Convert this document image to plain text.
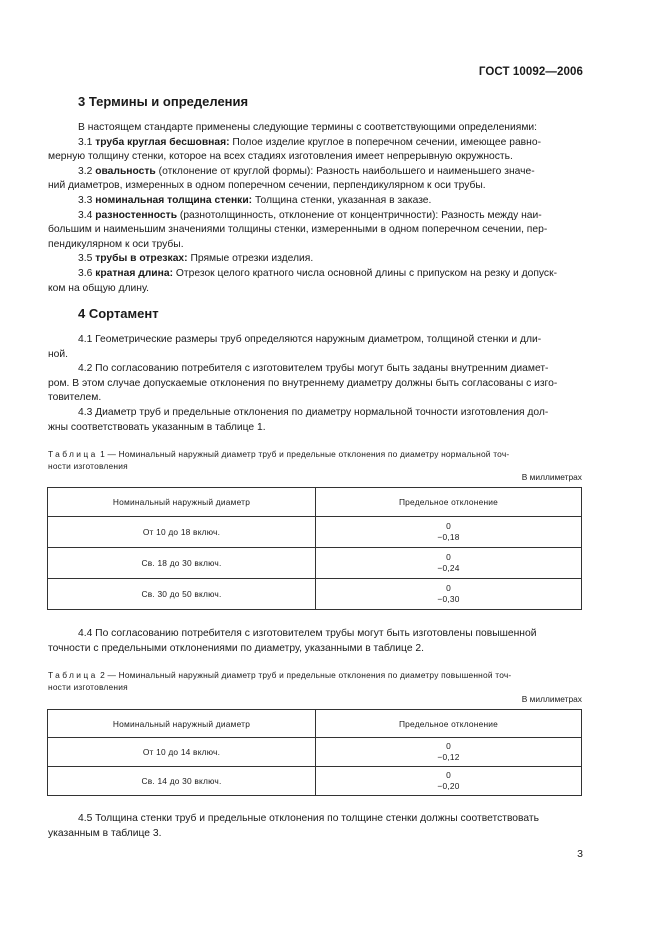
ГОСТ 10092—2006
3 Термины и определения
В настоящем стандарте применены следующие термины с соответствующими определениями:
3.1 труба круглая бесшовная: Полое изделие круглое в поперечном сечении, имеющее равно-
мерную толщину стенки, которое на всех стадиях изготовления имеет непрерывную окружность.
3.2 овальность (отклонение от круглой формы): Разность наибольшего и наименьшего значе-
ний диаметров, измеренных в одном поперечном сечении, перпендикулярном к оси трубы.
3.3 номинальная толщина стенки: Толщина стенки, указанная в заказе.
3.4 разностенность (разнотолщинность, отклонение от концентричности): Разность между наи-
большим и наименьшим значениями толщины стенки, измеренными в одном поперечном сечении, пер-
пендикулярном к оси трубы.
3.5 трубы в отрезках: Прямые отрезки изделия.
3.6 кратная длина: Отрезок целого кратного числа основной длины с припуском на резку и допуск-
ком на общую длину.
4 Сортамент
4.1 Геометрические размеры труб определяются наружным диаметром, толщиной стенки и дли-
ной.
4.2 По согласованию потребителя с изготовителем трубы могут быть заданы внутренним диамет-
ром. В этом случае допускаемые отклонения по внутреннему диаметру должны быть согласованы с изго-
товителем.
4.3 Диаметр труб и предельные отклонения по диаметру нормальной точности изготовления дол-
жны соответствовать указанным в таблице 1.
Таблица 1 — Номинальный наружный диаметр труб и предельные отклонения по диаметру нормальной точ-
ности изготовления
В миллиметрах
Номинальный наружный диаметр	Предельное отклонение
От 10 до 18 включ.	0
−0,18

Св. 18 до 30 включ.	0
−0,24

Св. 30 до 50 включ.	0
−0,30
4.4 По согласованию потребителя с изготовителем трубы могут быть изготовлены повышенной
точности с предельными отклонениями по диаметру, указанными в таблице 2.
Таблица 2 — Номинальный наружный диаметр труб и предельные отклонения по диаметру повышенной точ-
ности изготовления
В миллиметрах
Номинальный наружный диаметр	Предельное отклонение
От 10 до 14 включ.	0
−0,12

Св. 14 до 30 включ.	0
−0,20
4.5 Толщина стенки труб и предельные отклонения по толщине стенки должны соответствовать
указанным в таблице 3.
3
